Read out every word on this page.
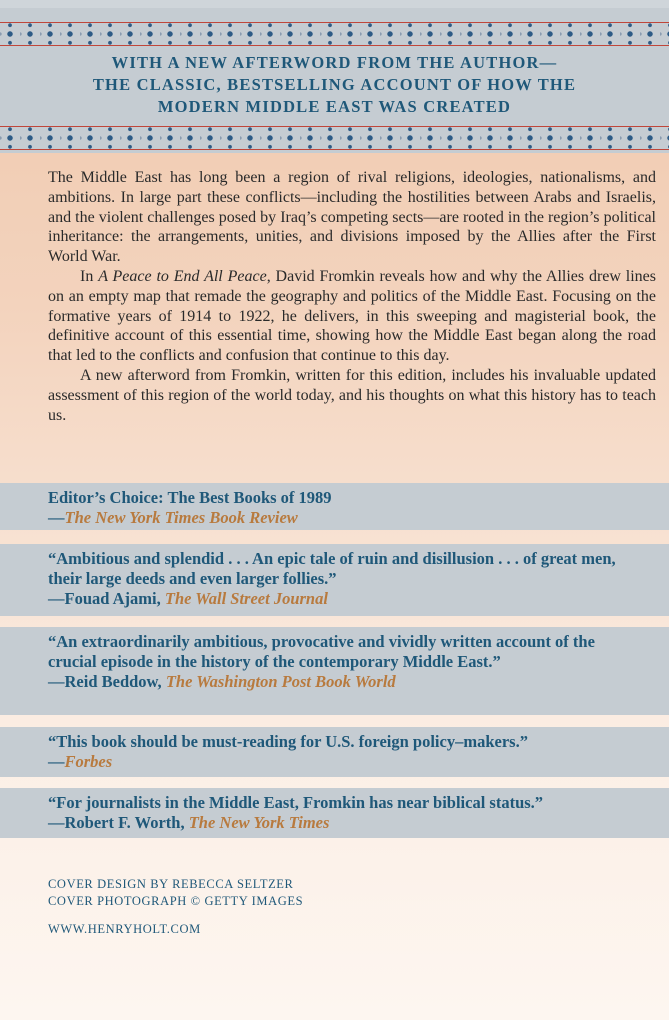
WITH A NEW AFTERWORD FROM THE AUTHOR—
THE CLASSIC, BESTSELLING ACCOUNT OF HOW THE
MODERN MIDDLE EAST WAS CREATED

The Middle East has long been a region of rival religions, ideologies, nationalisms, and ambitions. In large part these conflicts—including the hostilities between Arabs and Israelis, and the violent challenges posed by Iraq’s competing sects—are rooted in the region’s political inheritance: the arrangements, unities, and divisions imposed by the Allies after the First World War.

In A Peace to End All Peace, David Fromkin reveals how and why the Allies drew lines on an empty map that remade the geography and politics of the Middle East. Focusing on the formative years of 1914 to 1922, he delivers, in this sweeping and magisterial book, the definitive account of this essential time, showing how the Middle East began along the road that led to the conflicts and confusion that continue to this day.

A new afterword from Fromkin, written for this edition, includes his invaluable updated assessment of this region of the world today, and his thoughts on what this history has to teach us.

Editor’s Choice: The Best Books of 1989
—The New York Times Book Review
“Ambitious and splendid . . . An epic tale of ruin and disillusion . . . of great men, their large deeds and even larger follies.”
—Fouad Ajami, The Wall Street Journal
“An extraordinarily ambitious, provocative and vividly written account of the crucial episode in the history of the contemporary Middle East.”
—Reid Beddow, The Washington Post Book World
“This book should be must-reading for U.S. foreign policy–makers.”
—Forbes
“For journalists in the Middle East, Fromkin has near biblical status.”
—Robert F. Worth, The New York Times
COVER DESIGN BY REBECCA SELTZER
COVER PHOTOGRAPH © GETTY IMAGES
WWW.HENRYHOLT.COM
